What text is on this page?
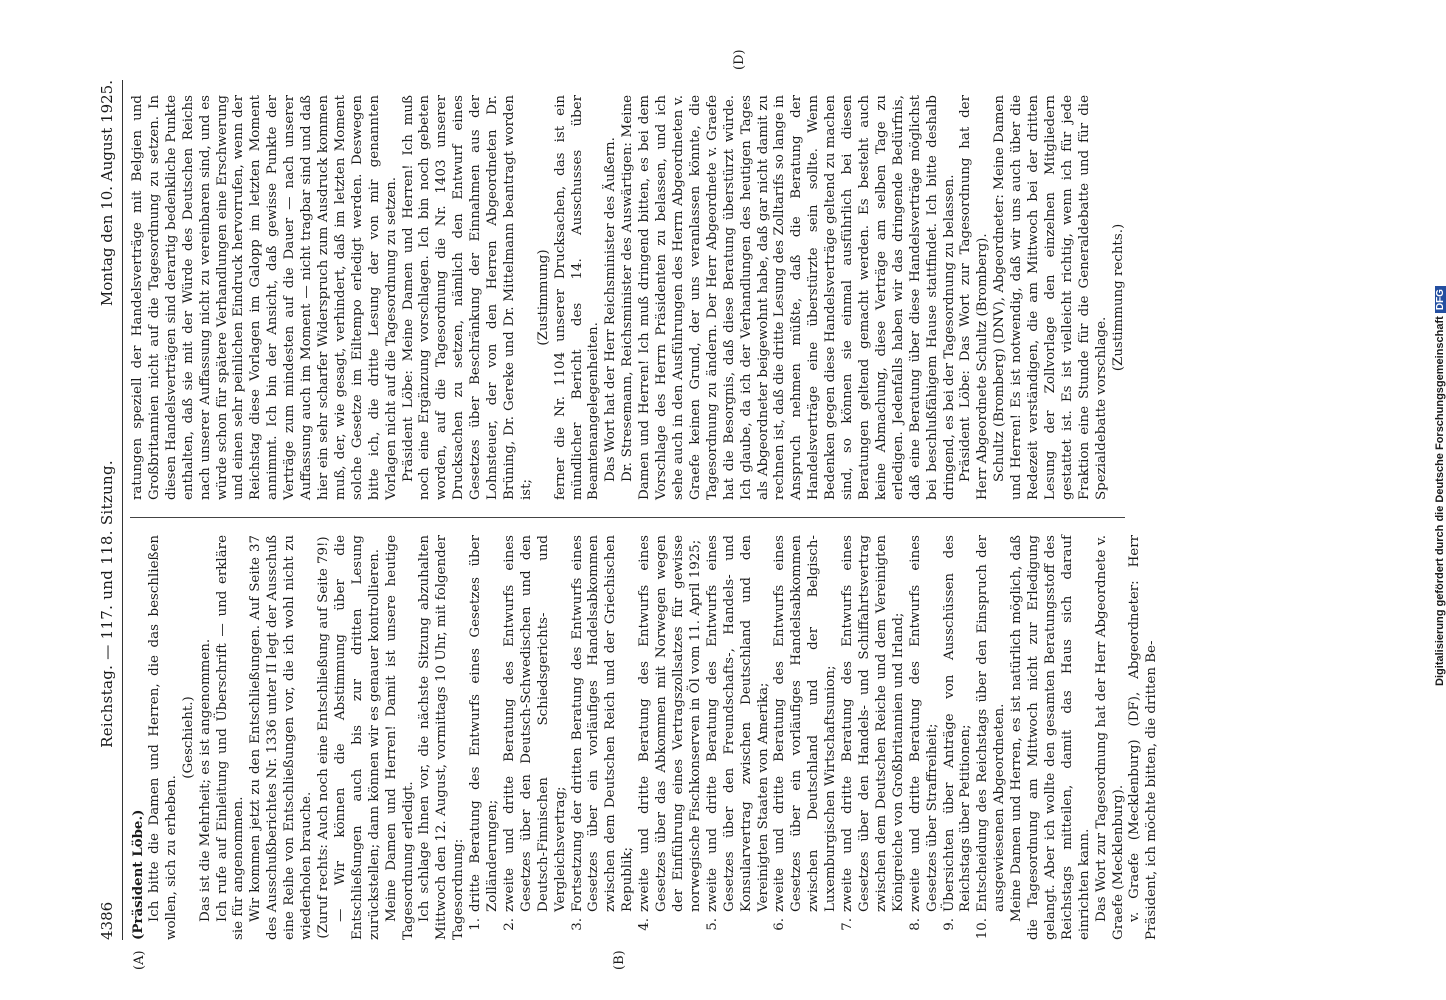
4386
Reichstag. — 117. und 118. Sitzung.
Montag den 10. August 1925.

(Präsident Löbe.) Ich bitte die Damen und Herren, die das beschließen wollen, sich zu erheben.

(Geschieht.) Das ist die Mehrheit; es ist angenommen. Ich rufe auf Einleitung und Überschrift — und erkläre sie für angenommen. Wir kommen jetzt zu den Entschließungen. Auf Seite 37 des Ausschußberichtes Nr. 1336 unter II legt der Ausschuß eine Reihe von Entschließungen vor, die ich wohl nicht zu wiederholen brauche. (Zuruf rechts: Auch noch eine Entschließung auf Seite 79!) — Wir können die Abstimmung über die Entschließungen auch bis zur dritten Lesung zurückstellen; dann können wir es genauer kontrollieren. Meine Damen und Herren! Damit ist unsere heutige Tagesordnung erledigt. Ich schlage Ihnen vor, die nächste Sitzung abzuhalten Mittwoch den 12. August, vormittags 10 Uhr, mit folgender Tagesordnung: 1.
dritte Beratung des Entwurfs eines Gesetzes über Zolländerungen;
2.
zweite und dritte Beratung des Entwurfs eines Gesetzes über den Deutsch-Schwedischen und den Deutsch-Finnischen Schiedsgerichts- und Vergleichsvertrag;
3.
Fortsetzung der dritten Beratung des Entwurfs eines Gesetzes über ein vorläufiges Handelsabkommen zwischen dem Deutschen Reich und der Griechischen Republik;
4.
zweite und dritte Beratung des Entwurfs eines Gesetzes über das Abkommen mit Norwegen wegen der Einführung eines Vertragszollsatzes für gewisse norwegische Fischkonserven in Öl vom 11. April 1925;
5.
zweite und dritte Beratung des Entwurfs eines Gesetzes über den Freundschafts-, Handels- und Konsularvertrag zwischen Deutschland und den Vereinigten Staaten von Amerika;
6.
zweite und dritte Beratung des Entwurfs eines Gesetzes über ein vorläufiges Handelsabkommen zwischen Deutschland und der Belgisch-Luxemburgischen Wirtschaftsunion;
7.
zweite und dritte Beratung des Entwurfs eines Gesetzes über den Handels- und Schiffahrtsvertrag zwischen dem Deutschen Reiche und dem Vereinigten Königreiche von Großbritannien und Irland;
8.
zweite und dritte Beratung des Entwurfs eines Gesetzes über Straffreiheit;
9.
Übersichten über Anträge von Ausschüssen des Reichstags über Petitionen;
10.
Entscheidung des Reichstags über den Einspruch der ausgewiesenen Abgeordneten. Meine Damen und Herren, es ist natürlich möglich, daß die Tagesordnung am Mittwoch nicht zur Erledigung gelangt. Aber ich wollte den gesamten Beratungsstoff des Reichstags mitteilen, damit das Haus sich darauf einrichten kann. Das Wort zur Tagesordnung hat der Herr Abgeordnete v. Graefe (Mecklenburg). v. Graefe (Mecklenburg) (DF), Abgeordneter: Herr Präsident, ich möchte bitten, die dritten Be-

ratungen speziell der Handelsverträge mit Belgien und Großbritannien nicht auf die Tagesordnung zu setzen. In diesen Handelsverträgen sind derartig bedenkliche Punkte enthalten, daß sie mit der Würde des Deutschen Reichs nach unserer Auffassung nicht zu vereinbaren sind, und es würde schon für spätere Verhandlungen eine Erschwerung und einen sehr peinlichen Eindruck hervorrufen, wenn der Reichstag diese Vorlagen im Galopp im letzten Moment annimmt. Ich bin der Ansicht, daß gewisse Punkte der Verträge zum mindesten auf die Dauer — nach unserer Auffassung auch im Moment — nicht tragbar sind und daß hier ein sehr scharfer Widerspruch zum Ausdruck kommen muß, der, wie gesagt, verhindert, daß im letzten Moment solche Gesetze im Eiltempo erledigt werden. Deswegen bitte ich, die dritte Lesung der von mir genannten Vorlagen nicht auf die Tagesordnung zu setzen. Präsident Löbe: Meine Damen und Herren! Ich muß noch eine Ergänzung vorschlagen. Ich bin noch gebeten worden, auf die Tagesordnung die Nr. 1403 unserer Drucksachen zu setzen, nämlich den Entwurf eines Gesetzes über Beschränkung der Einnahmen aus der Lohnsteuer, der von den Herren Abgeordneten Dr. Brüning, Dr. Gereke und Dr. Mittelmann beantragt worden ist;

(Zustimmung) ferner die Nr. 1104 unserer Drucksachen, das ist ein mündlicher Bericht des 14. Ausschusses über Beamtenangelegenheiten. Das Wort hat der Herr Reichsminister des Äußern. Dr. Stresemann, Reichsminister des Auswärtigen: Meine Damen und Herren! Ich muß dringend bitten, es bei dem Vorschlage des Herrn Präsidenten zu belassen, und ich sehe auch in den Ausführungen des Herrn Abgeordneten v. Graefe keinen Grund, der uns veranlassen könnte, die Tagesordnung zu ändern. Der Herr Abgeordnete v. Graefe hat die Besorgnis, daß diese Beratung überstürzt würde. Ich glaube, da ich der Verhandlungen des heutigen Tages als Abgeordneter beigewohnt habe, daß gar nicht damit zu rechnen ist, daß die dritte Lesung des Zolltarifs so lange in Anspruch nehmen müßte, daß die Beratung der Handelsverträge eine überstürzte sein sollte. Wenn Bedenken gegen diese Handelsverträge geltend zu machen sind, so können sie einmal ausführlich bei diesen Beratungen geltend gemacht werden. Es besteht auch keine Abmachung, diese Verträge am selben Tage zu erledigen. Jedenfalls haben wir das dringende Bedürfnis, daß eine Beratung über diese Handelsverträge möglichst bei beschlußfähigem Hause stattfindet. Ich bitte deshalb dringend, es bei der Tagesordnung zu belassen. Präsident Löbe: Das Wort zur Tagesordnung hat der Herr Abgeordnete Schultz (Bromberg). Schultz (Bromberg) (DNV), Abgeordneter: Meine Damen und Herren! Es ist notwendig, daß wir uns auch über die Redezeit verständigen, die am Mittwoch bei der dritten Lesung der Zollvorlage den einzelnen Mitgliedern gestattet ist. Es ist vielleicht richtig, wenn ich für jede Fraktion eine Stunde für die Generaldebatte und für die Spezialdebatte vorschlage.

(Zustimmung rechts.)

(A)	(B)
(D)
Digitalisierung gefördert durch die Deutsche ForschungsgemeinschaftDFG
